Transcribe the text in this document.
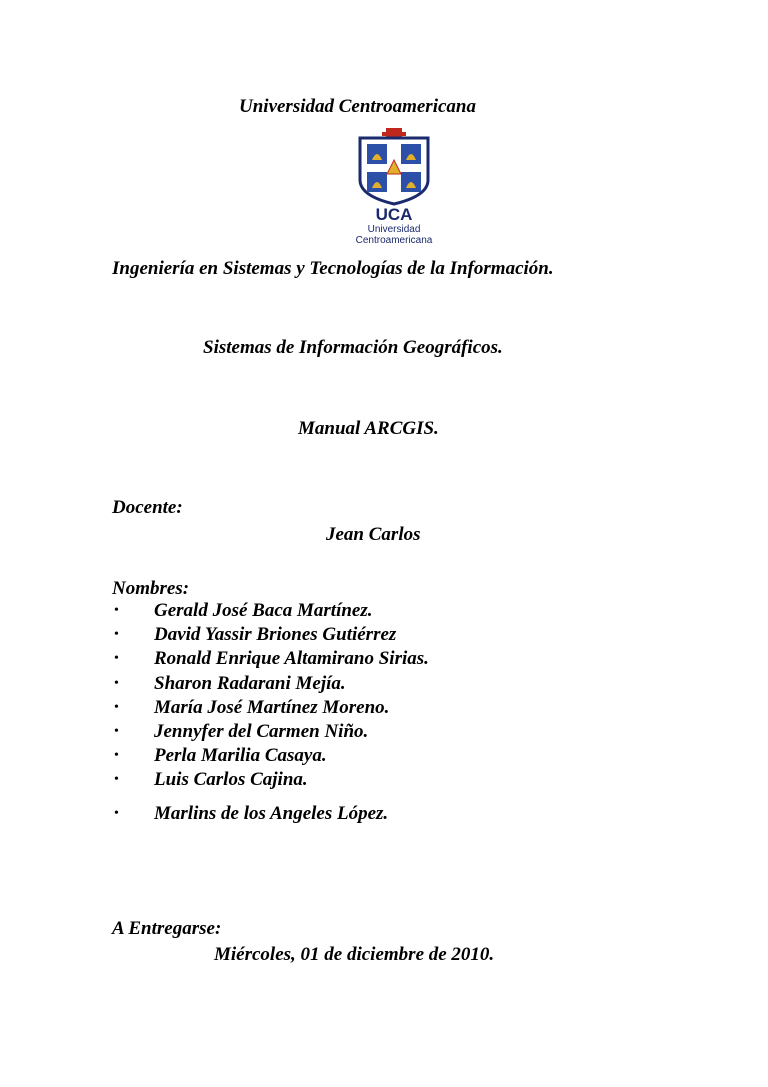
Universidad Centroamericana

UCA
Universidad
Centroamericana

Ingeniería en Sistemas y Tecnologías de la Información.

Sistemas de Información Geográficos.

Manual ARCGIS.

Docente:

Jean Carlos

Nombres:

• Gerald José Baca Martínez.
• David Yassir Briones Gutiérrez
• Ronald Enrique Altamirano Sirias.
• Sharon Radarani Mejía.
• María José Martínez Moreno.
• Jennyfer del Carmen Niño.
• Perla Marilia Casaya.
• Luis Carlos Cajina.
• Marlins de los Angeles López.

A Entregarse:

Miércoles, 01 de diciembre de 2010.
